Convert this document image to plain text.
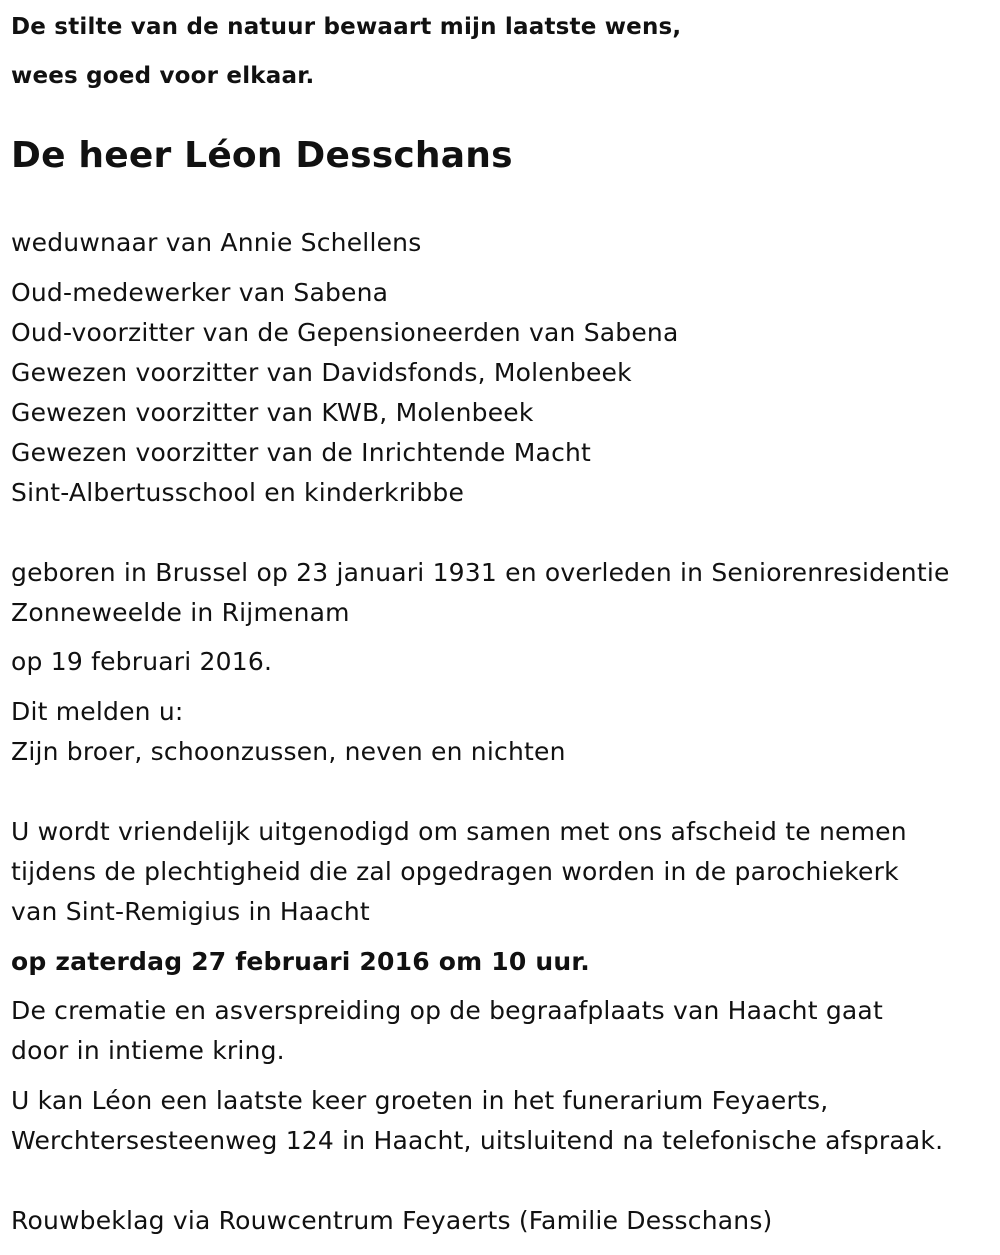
De stilte van de natuur bewaart mijn laatste wens,
wees goed voor elkaar.
De heer Léon Desschans
weduwnaar van Annie Schellens
Oud-medewerker van Sabena
Oud-voorzitter van de Gepensioneerden van Sabena
Gewezen voorzitter van Davidsfonds, Molenbeek
Gewezen voorzitter van KWB, Molenbeek
Gewezen voorzitter van de Inrichtende Macht
Sint-Albertusschool en kinderkribbe
geboren in Brussel op 23 januari 1931 en overleden in Seniorenresidentie
Zonneweelde in Rijmenam
op 19 februari 2016.
Dit melden u:
Zijn broer, schoonzussen, neven en nichten
U wordt vriendelijk uitgenodigd om samen met ons afscheid te nemen
tijdens de plechtigheid die zal opgedragen worden in de parochiekerk
van Sint-Remigius in Haacht
op zaterdag 27 februari 2016 om 10 uur.
De crematie en asverspreiding op de begraafplaats van Haacht gaat
door in intieme kring.
U kan Léon een laatste keer groeten in het funerarium Feyaerts,
Werchtersesteenweg 124 in Haacht, uitsluitend na telefonische afspraak.
Rouwbeklag via Rouwcentrum Feyaerts (Familie Desschans)
